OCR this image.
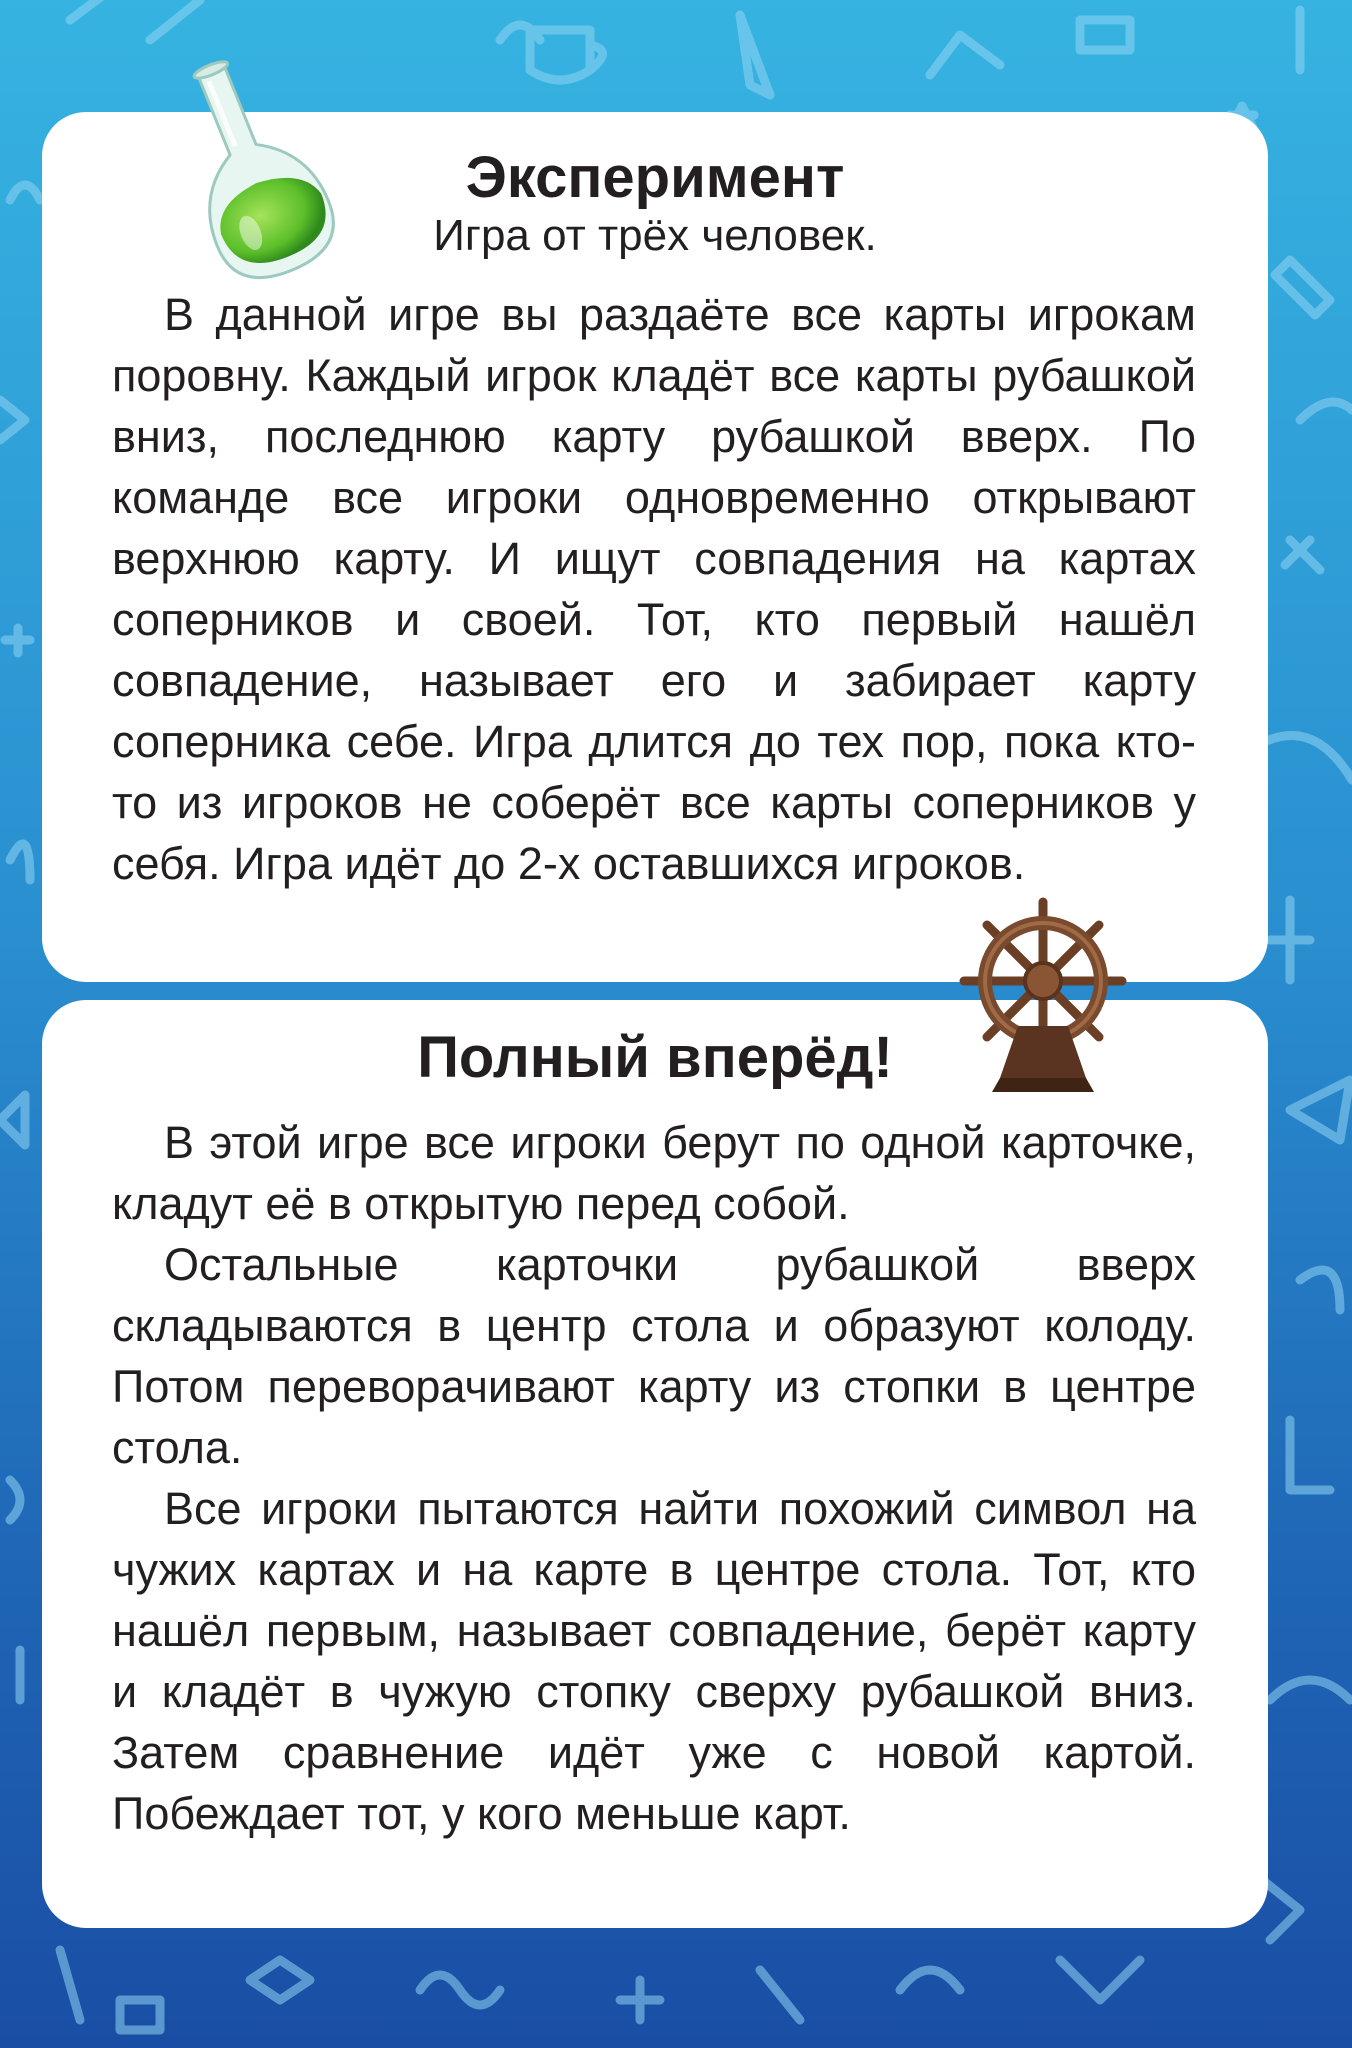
Эксперимент

Игра от трёх человек.

В данной игре вы раздаёте все карты игрокам поровну. Каждый игрок кладёт все карты рубашкой вниз, последнюю карту рубашкой вверх. По команде все игроки одновременно открывают верхнюю карту. И ищут совпадения на картах соперников и своей. Тот, кто первый нашёл совпадение, называет его и забирает карту соперника себе. Игра длится до тех пор, пока кто-то из игроков не соберёт все карты соперников у себя. Игра идёт до 2-х оставшихся игроков.

Полный вперёд!

В этой игре все игроки берут по одной карточке, кладут её в открытую перед собой.

Остальные карточки рубашкой вверх складываются в центр стола и образуют колоду. Потом переворачивают карту из стопки в центре стола.

Все игроки пытаются найти похожий символ на чужих картах и на карте в центре стола. Тот, кто нашёл первым, называет совпадение, берёт карту и кладёт в чужую стопку сверху рубашкой вниз. Затем сравнение идёт уже с новой картой. Побеждает тот, у кого меньше карт.
